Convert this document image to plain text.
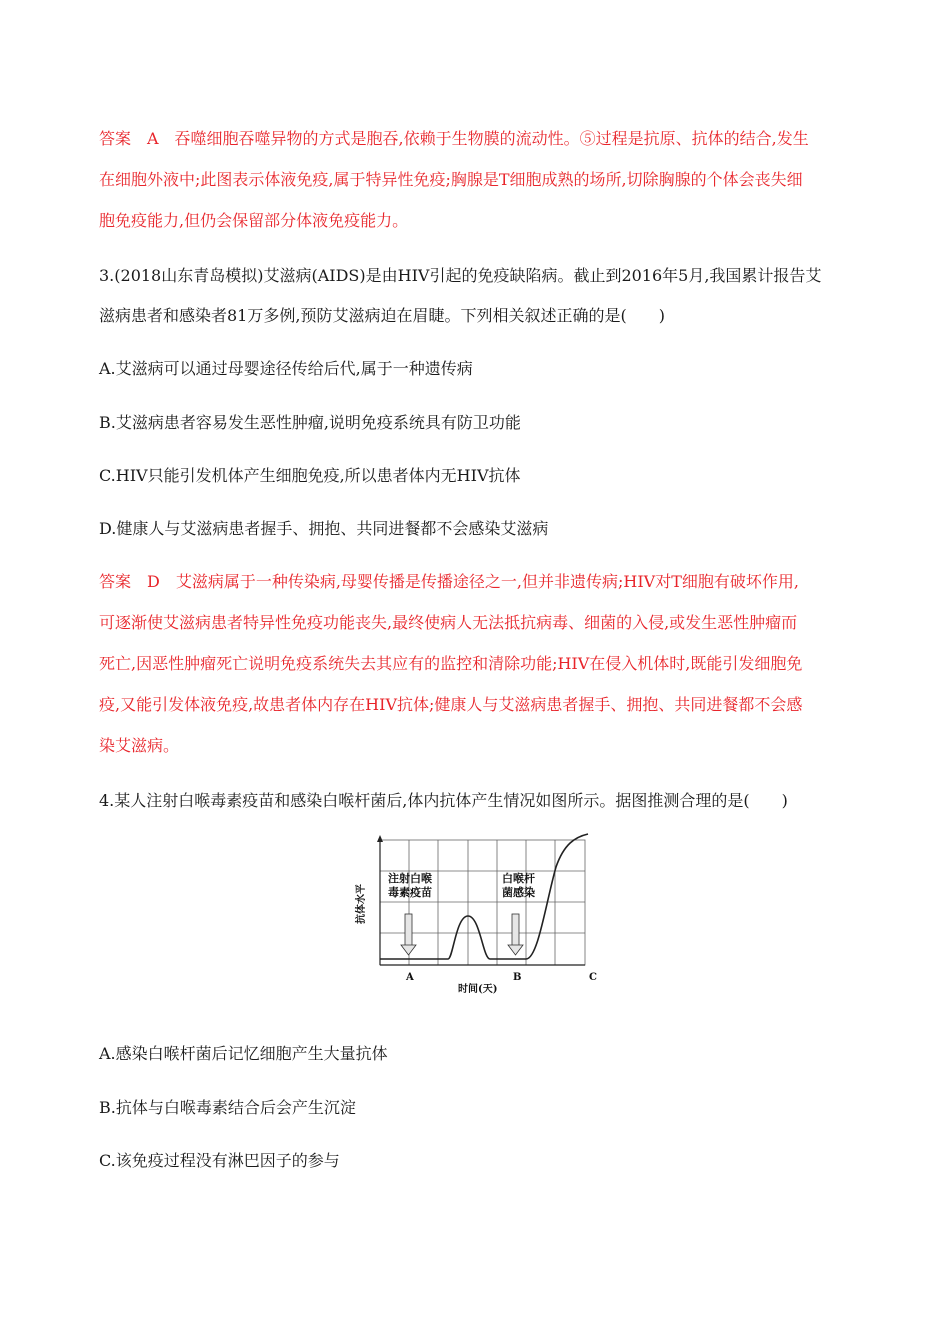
答案　A　吞噬细胞吞噬异物的方式是胞吞,依赖于生物膜的流动性。⑤过程是抗原、抗体的结合,发生
在细胞外液中;此图表示体液免疫,属于特异性免疫;胸腺是T细胞成熟的场所,切除胸腺的个体会丧失细
胞免疫能力,但仍会保留部分体液免疫能力。
3.(2018山东青岛模拟)艾滋病(AIDS)是由HIV引起的免疫缺陷病。截止到2016年5月,我国累计报告艾
滋病患者和感染者81万多例,预防艾滋病迫在眉睫。下列相关叙述正确的是(　　)
A.艾滋病可以通过母婴途径传给后代,属于一种遗传病
B.艾滋病患者容易发生恶性肿瘤,说明免疫系统具有防卫功能
C.HIV只能引发机体产生细胞免疫,所以患者体内无HIV抗体
D.健康人与艾滋病患者握手、拥抱、共同进餐都不会感染艾滋病
答案　D　艾滋病属于一种传染病,母婴传播是传播途径之一,但并非遗传病;HIV对T细胞有破坏作用,
可逐渐使艾滋病患者特异性免疫功能丧失,最终使病人无法抵抗病毒、细菌的入侵,或发生恶性肿瘤而
死亡,因恶性肿瘤死亡说明免疫系统失去其应有的监控和清除功能;HIV在侵入机体时,既能引发细胞免
疫,又能引发体液免疫,故患者体内存在HIV抗体;健康人与艾滋病患者握手、拥抱、共同进餐都不会感
染艾滋病。
4.某人注射白喉毒素疫苗和感染白喉杆菌后,体内抗体产生情况如图所示。据图推测合理的是(　　)
注射白喉
毒素疫苗
白喉杆
菌感染
抗体水平
A	B	C
时间(天)
A.感染白喉杆菌后记忆细胞产生大量抗体
B.抗体与白喉毒素结合后会产生沉淀
C.该免疫过程没有淋巴因子的参与
